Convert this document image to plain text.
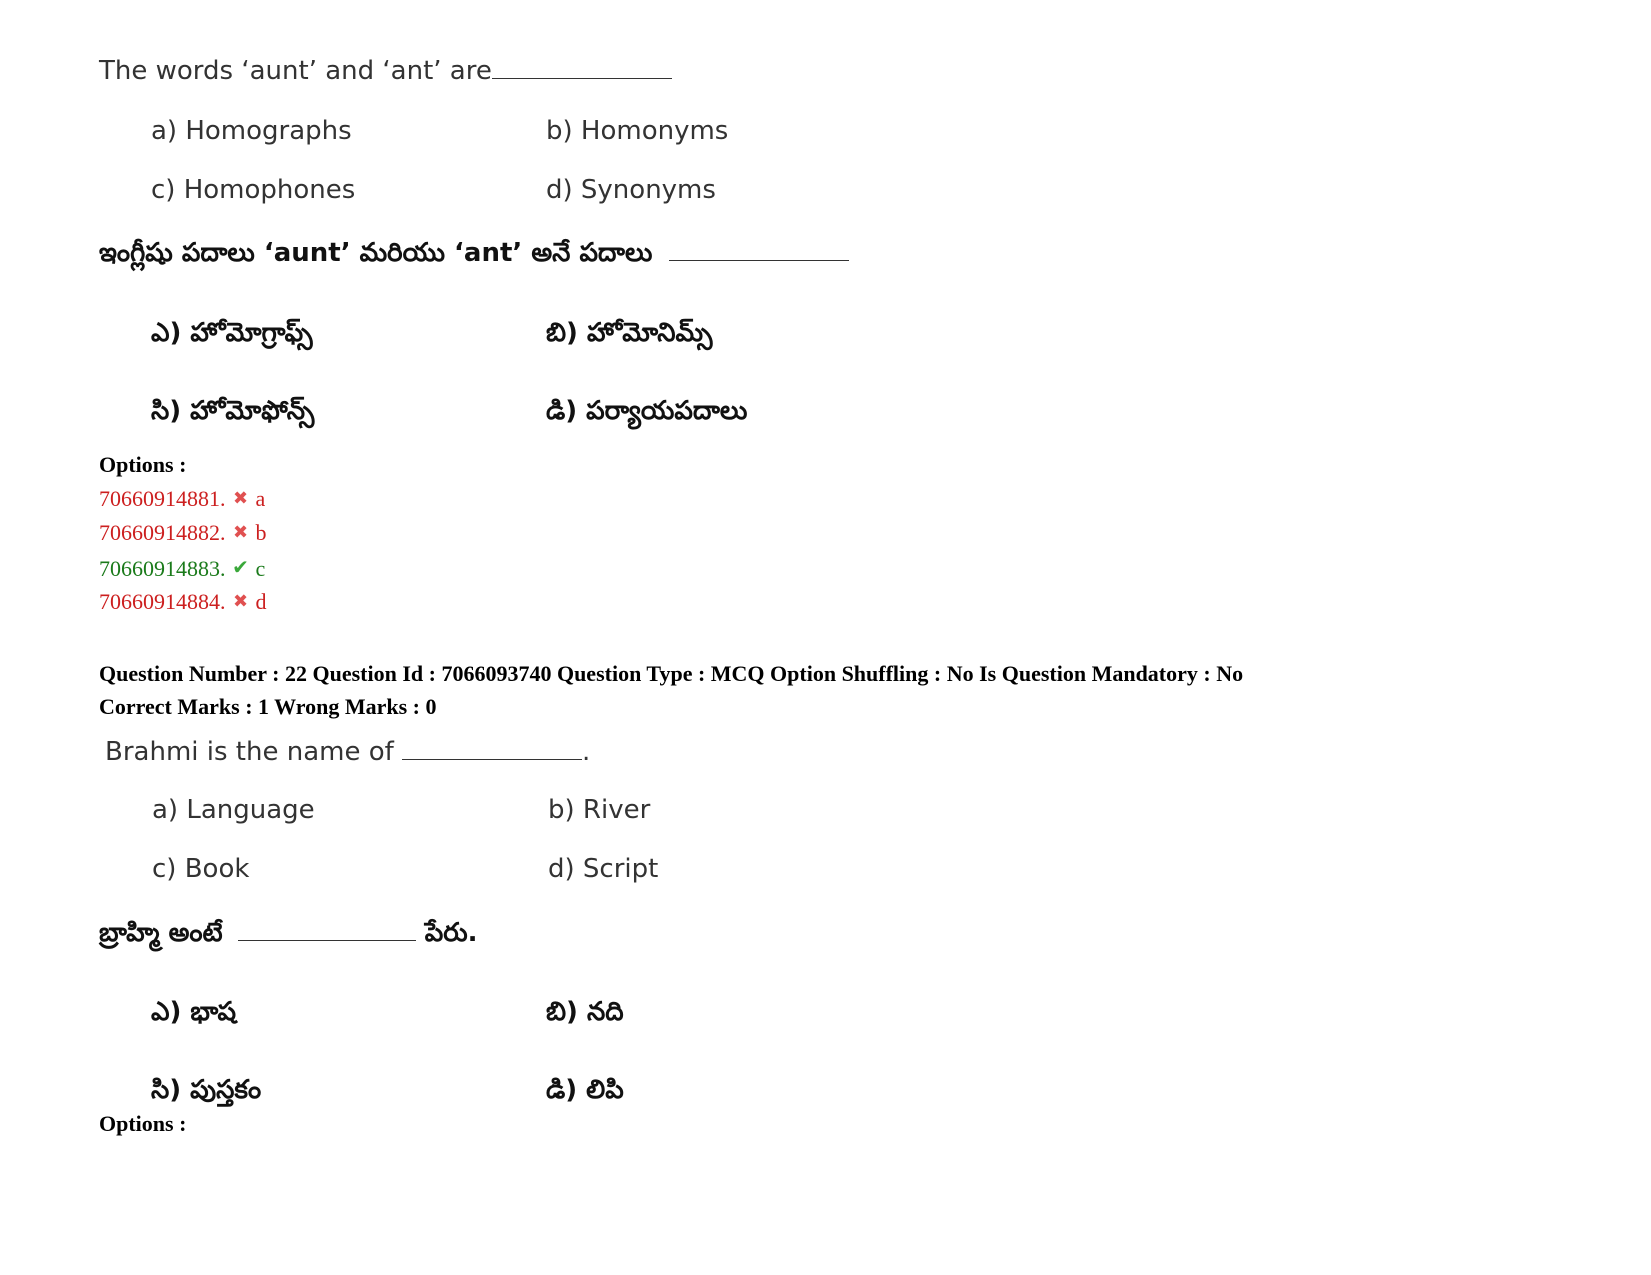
The words ‘aunt’ and ‘ant’ are
a) Homographs	b) Homonyms
c) Homophones	d) Synonyms
ఇంగ్లీషు పదాలు ‘aunt’ మరియు ‘ant’ అనే పదాలు
ఎ) హోమోగ్రాఫ్స్	బి) హోమోనిమ్స్
సి) హోమోఫోన్స్	డి) పర్యాయపదాలు
Options :
70660914881. ✖ a
70660914882. ✖ b
70660914883. ✔ c
70660914884. ✖ d
Question Number : 22 Question Id : 7066093740 Question Type : MCQ Option Shuffling : No Is Question Mandatory : No
Correct Marks : 1 Wrong Marks : 0
Brahmi is the name of	.
a) Language	b) River
c) Book	d) Script
బ్రాహ్మి అంటే	పేరు.
ఎ) భాష	బి) నది
సి) పుస్తకం	డి) లిపి
Options :
